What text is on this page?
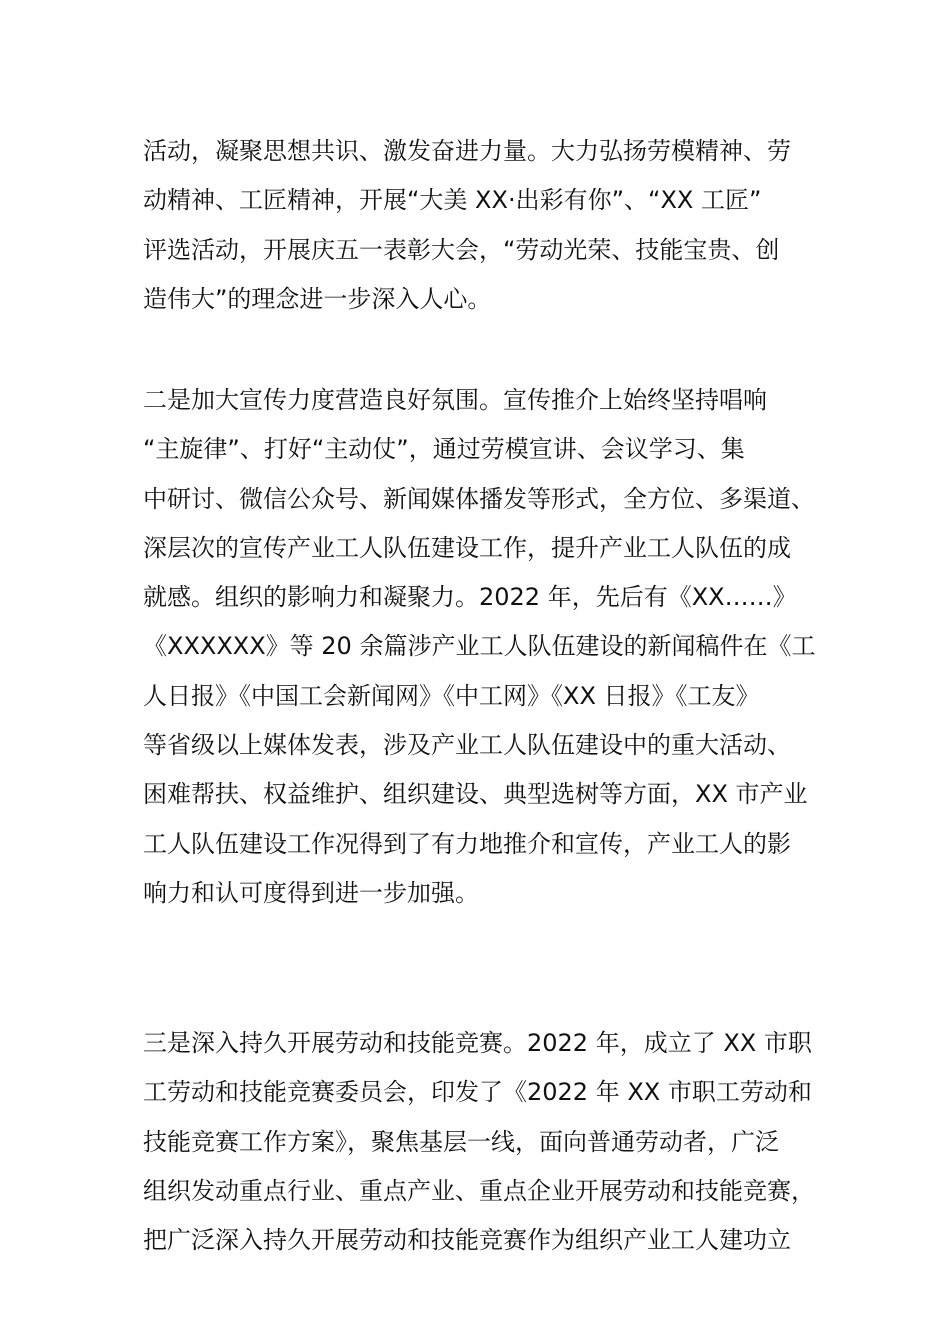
活动，凝聚思想共识、激发奋进力量。大力弘扬劳模精神、劳
动精神、工匠精神，开展“大美 XX·出彩有你”、“XX 工匠”
评选活动，开展庆五一表彰大会，“劳动光荣、技能宝贵、创
造伟大”的理念进一步深入人心。
二是加大宣传力度营造良好氛围。宣传推介上始终坚持唱响
“主旋律”、打好“主动仗”，通过劳模宣讲、会议学习、集
中研讨、微信公众号、新闻媒体播发等形式，全方位、多渠道、
深层次的宣传产业工人队伍建设工作，提升产业工人队伍的成
就感。组织的影响力和凝聚力。2022 年，先后有《XX……》
《XXXXXX》等 20 余篇涉产业工人队伍建设的新闻稿件在《工
人日报》《中国工会新闻网》《中工网》《XX 日报》《工友》
等省级以上媒体发表，涉及产业工人队伍建设中的重大活动、
困难帮扶、权益维护、组织建设、典型选树等方面，XX 市产业
工人队伍建设工作况得到了有力地推介和宣传，产业工人的影
响力和认可度得到进一步加强。
三是深入持久开展劳动和技能竞赛。2022 年，成立了 XX 市职
工劳动和技能竞赛委员会，印发了《2022 年 XX 市职工劳动和
技能竞赛工作方案》，聚焦基层一线，面向普通劳动者，广泛
组织发动重点行业、重点产业、重点企业开展劳动和技能竞赛，
把广泛深入持久开展劳动和技能竞赛作为组织产业工人建功立
